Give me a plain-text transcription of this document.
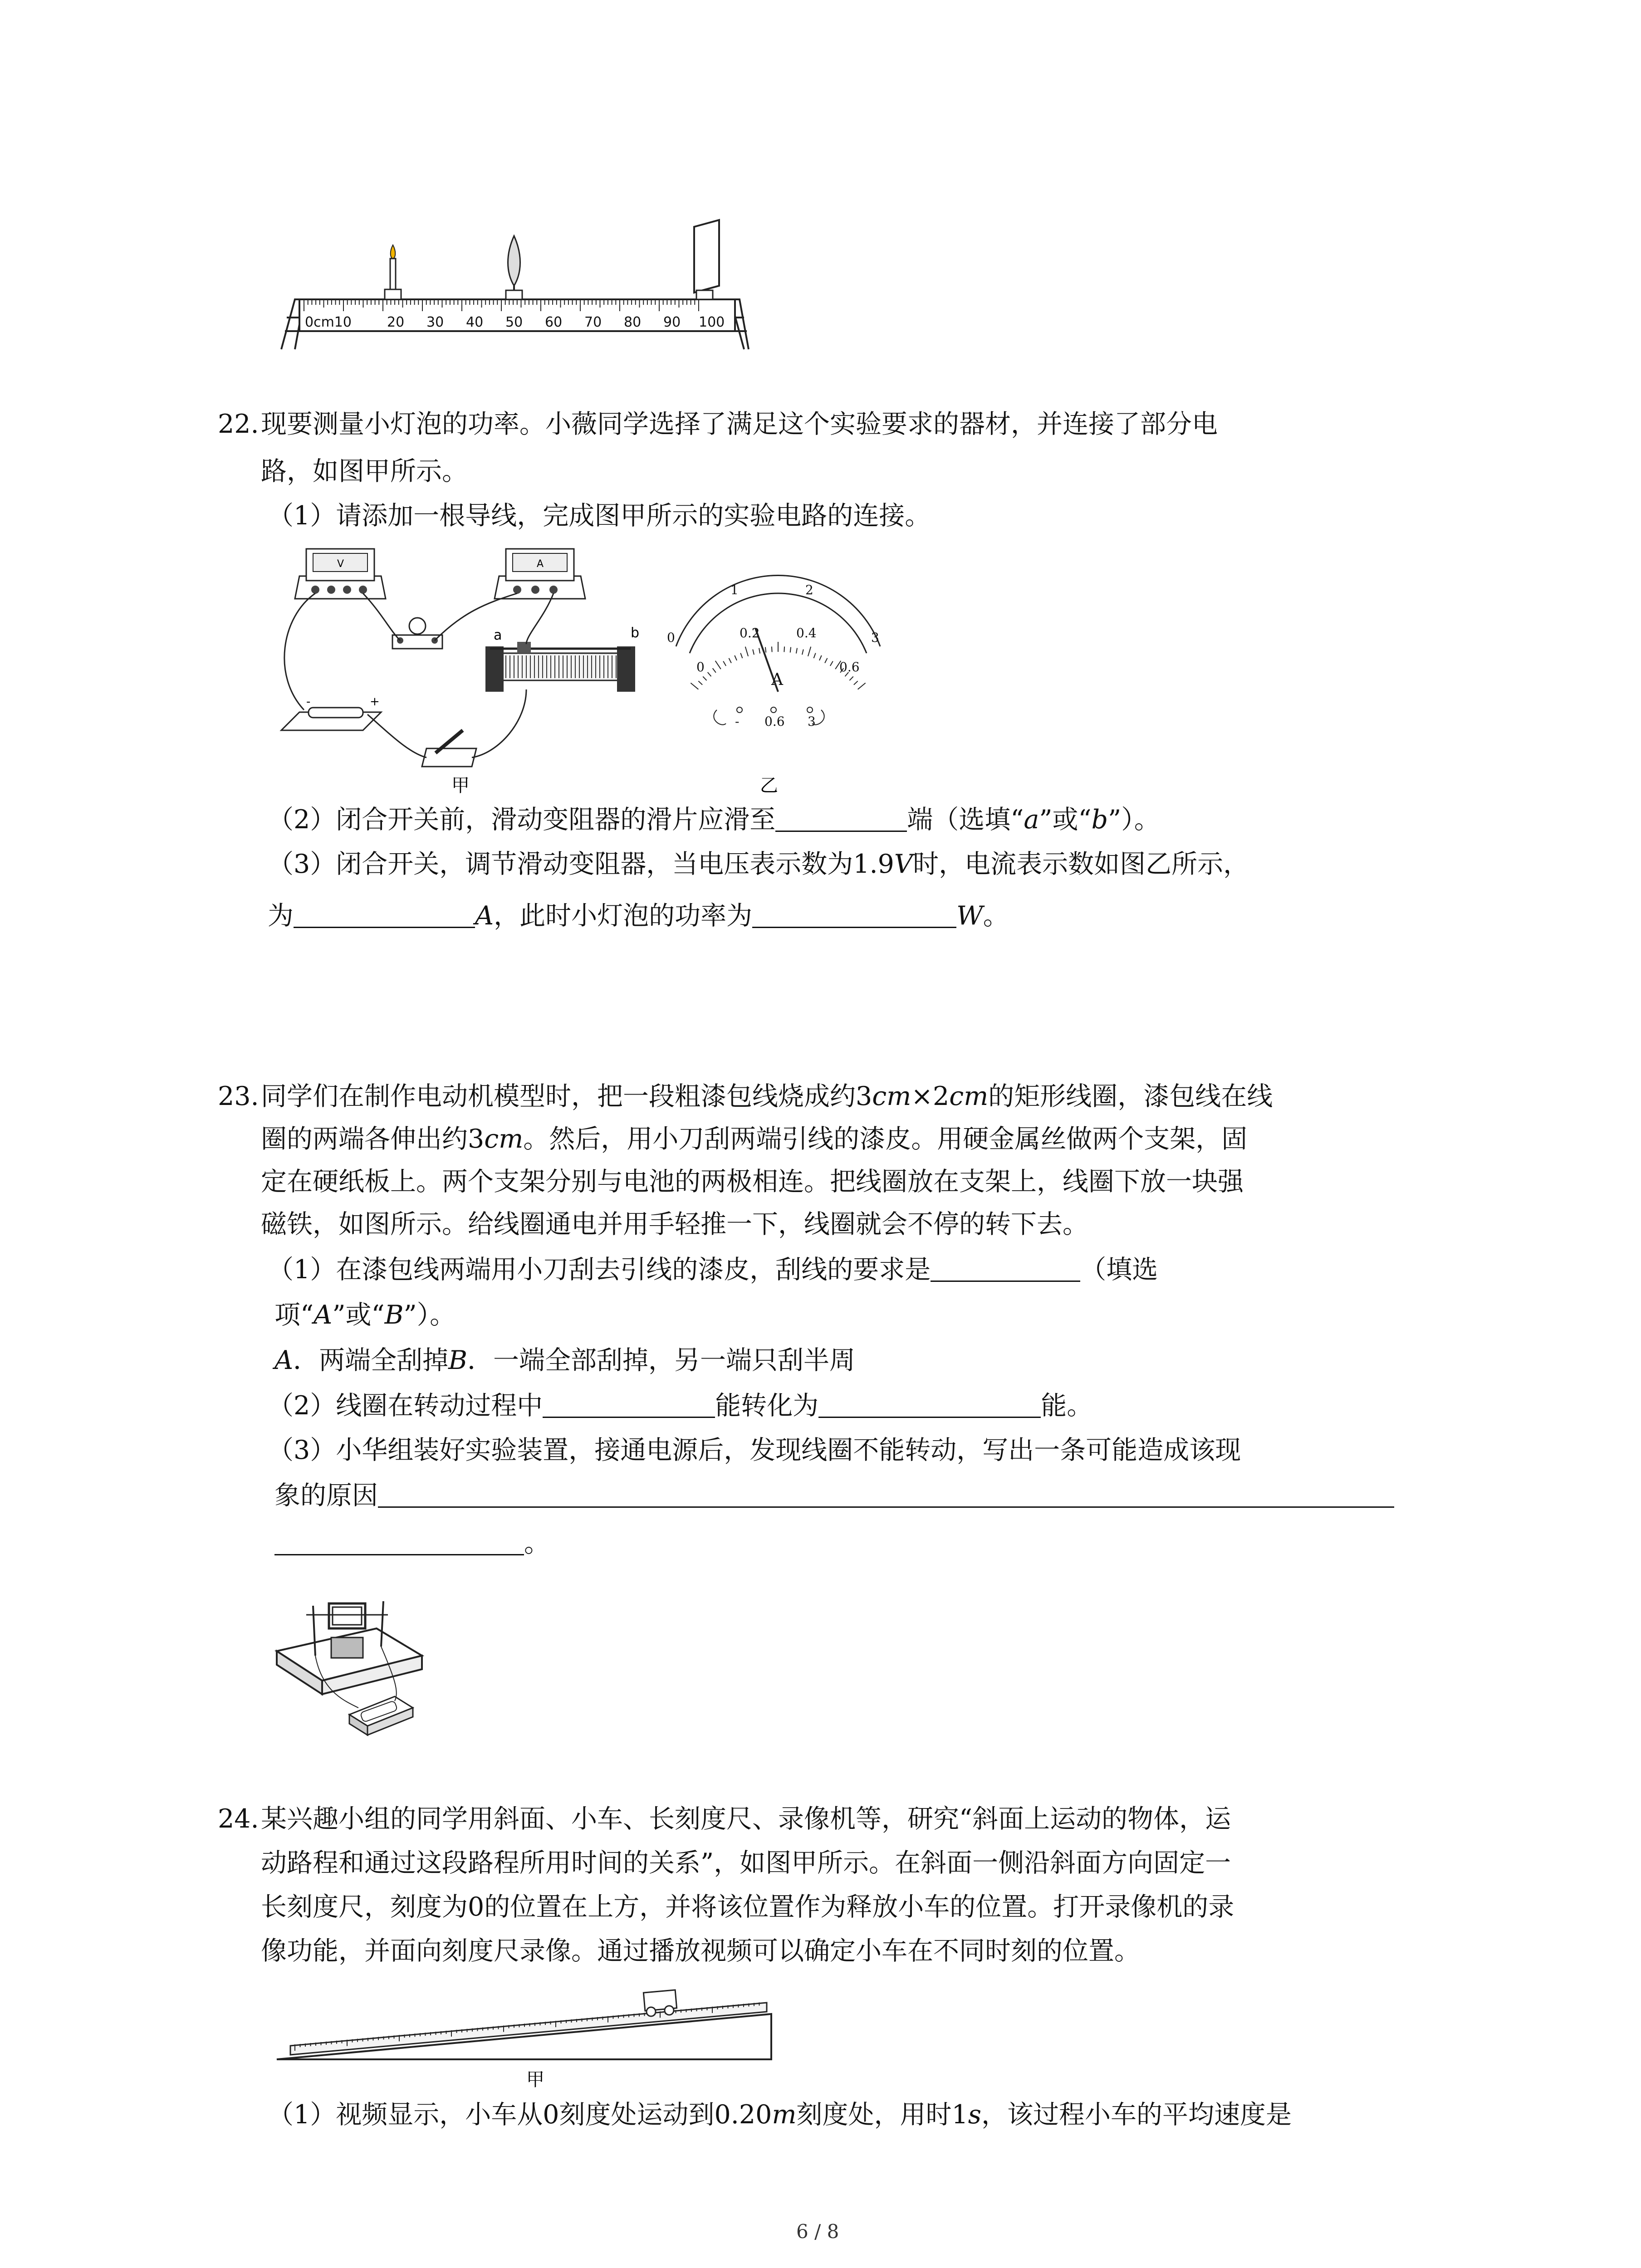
0cm10	20 30 40 50 60 70 80 90 100
22. 现要测量小灯泡的功率。小薇同学选择了满足这个实验要求的器材，并连接了部分电
路，如图甲所示。
（1）请添加一根导线，完成图甲所示的实验电路的连接。
V	A
a	b
-	+
甲
0
1	2
3
0
0.2	0.4
0.6
A
- 0.6 3
乙
（2）闭合开关前，滑动变阻器的滑片应滑至	端（选填“a”或“b”）。
（3）闭合开关，调节滑动变阻器，当电压表示数为1.9V时，电流表示数如图乙所示，
为	A，此时小灯泡的功率为	W。
23. 同学们在制作电动机模型时，把一段粗漆包线烧成约3cm×2cm的矩形线圈，漆包线在线
圈的两端各伸出约3cm。然后，用小刀刮两端引线的漆皮。用硬金属丝做两个支架，固
定在硬纸板上。两个支架分别与电池的两极相连。把线圈放在支架上，线圈下放一块强
磁铁，如图所示。给线圈通电并用手轻推一下，线圈就会不停的转下去。
（1）在漆包线两端用小刀刮去引线的漆皮，刮线的要求是	（填选
项“A”或“B”）。
A．两端全刮掉B．一端全部刮掉，另一端只刮半周
（2）线圈在转动过程中	能转化为	能。
（3）小华组装好实验装置，接通电源后，发现线圈不能转动，写出一条可能造成该现
象的原因
。
24. 某兴趣小组的同学用斜面、小车、长刻度尺、录像机等，研究“斜面上运动的物体，运
动路程和通过这段路程所用时间的关系”，如图甲所示。在斜面一侧沿斜面方向固定一
长刻度尺，刻度为0的位置在上方，并将该位置作为释放小车的位置。打开录像机的录
像功能，并面向刻度尺录像。通过播放视频可以确定小车在不同时刻的位置。
甲
（1）视频显示，小车从0刻度处运动到0.20m刻度处，用时1s，该过程小车的平均速度是
6 / 8
